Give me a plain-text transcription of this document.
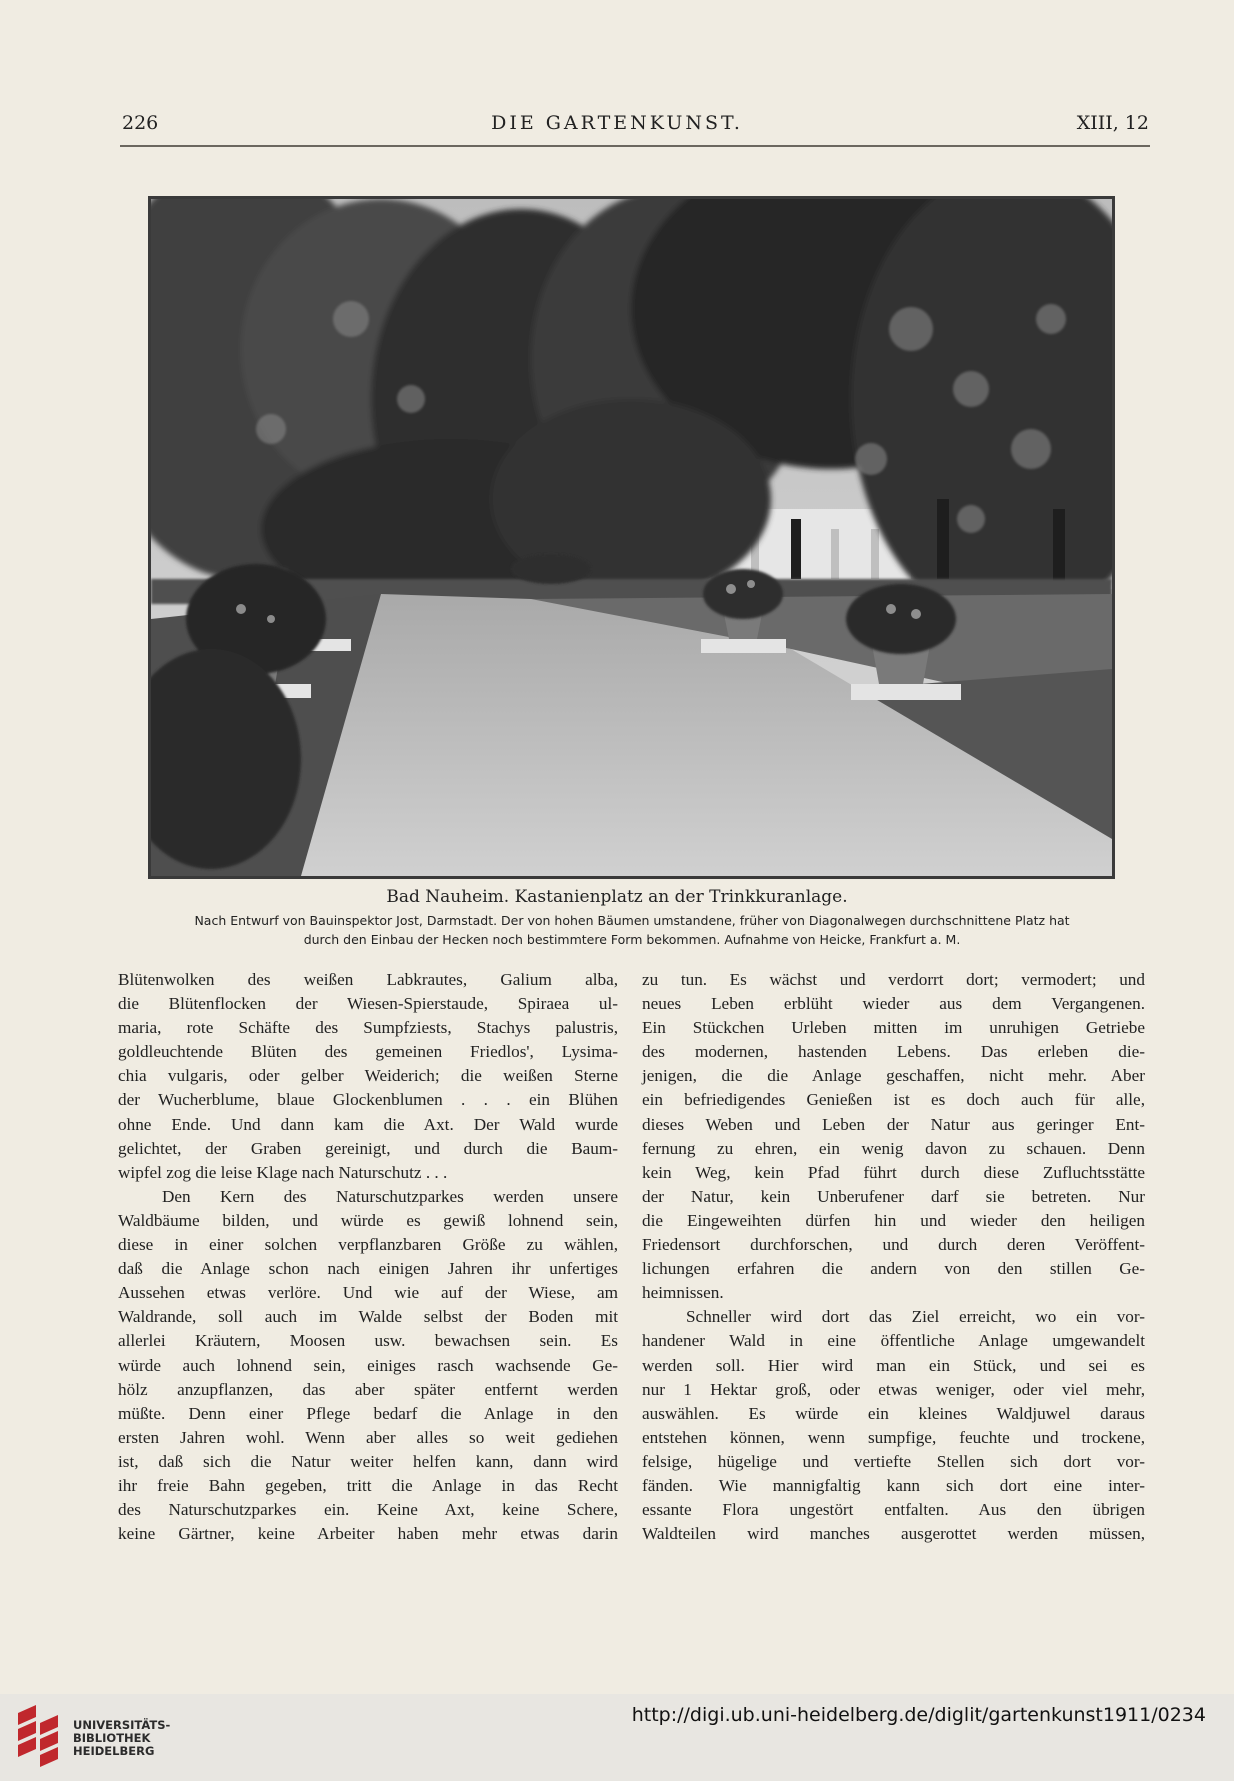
226	DIE GARTENKUNST.	XIII, 12
Bad Nauheim. Kastanienplatz an der Trinkkuranlage.
Nach Entwurf von Bauinspektor Jost, Darmstadt. Der von hohen Bäumen umstandene, früher von Diagonalwegen durchschnittene Platz hat
durch den Einbau der Hecken noch bestimmtere Form bekommen. Aufnahme von Heicke, Frankfurt a. M.
Blütenwolken des weißen Labkrautes, Galium alba,
die Blütenflocken der Wiesen-Spierstaude, Spiraea ul-
maria, rote Schäfte des Sumpfziests, Stachys palustris,
goldleuchtende Blüten des gemeinen Friedlos', Lysima-
chia vulgaris, oder gelber Weiderich; die weißen Sterne
der Wucherblume, blaue Glockenblumen . . . ein Blühen
ohne Ende. Und dann kam die Axt. Der Wald wurde
gelichtet, der Graben gereinigt, und durch die Baum-
wipfel zog die leise Klage nach Naturschutz . . .
Den Kern des Naturschutzparkes werden unsere
Waldbäume bilden, und würde es gewiß lohnend sein,
diese in einer solchen verpflanzbaren Größe zu wählen,
daß die Anlage schon nach einigen Jahren ihr unfertiges
Aussehen etwas verlöre. Und wie auf der Wiese, am
Waldrande, soll auch im Walde selbst der Boden mit
allerlei Kräutern, Moosen usw. bewachsen sein. Es
würde auch lohnend sein, einiges rasch wachsende Ge-
hölz anzupflanzen, das aber später entfernt werden
müßte. Denn einer Pflege bedarf die Anlage in den
ersten Jahren wohl. Wenn aber alles so weit gediehen
ist, daß sich die Natur weiter helfen kann, dann wird
ihr freie Bahn gegeben, tritt die Anlage in das Recht
des Naturschutzparkes ein. Keine Axt, keine Schere,
keine Gärtner, keine Arbeiter haben mehr etwas darin
zu tun. Es wächst und verdorrt dort; vermodert; und
neues Leben erblüht wieder aus dem Vergangenen.
Ein Stückchen Urleben mitten im unruhigen Getriebe
des modernen, hastenden Lebens. Das erleben die-
jenigen, die die Anlage geschaffen, nicht mehr. Aber
ein befriedigendes Genießen ist es doch auch für alle,
dieses Weben und Leben der Natur aus geringer Ent-
fernung zu ehren, ein wenig davon zu schauen. Denn
kein Weg, kein Pfad führt durch diese Zufluchtsstätte
der Natur, kein Unberufener darf sie betreten. Nur
die Eingeweihten dürfen hin und wieder den heiligen
Friedensort durchforschen, und durch deren Veröffent-
lichungen erfahren die andern von den stillen Ge-
heimnissen.
Schneller wird dort das Ziel erreicht, wo ein vor-
handener Wald in eine öffentliche Anlage umgewandelt
werden soll. Hier wird man ein Stück, und sei es
nur 1 Hektar groß, oder etwas weniger, oder viel mehr,
auswählen. Es würde ein kleines Waldjuwel daraus
entstehen können, wenn sumpfige, feuchte und trockene,
felsige, hügelige und vertiefte Stellen sich dort vor-
fänden. Wie mannigfaltig kann sich dort eine inter-
essante Flora ungestört entfalten. Aus den übrigen
Waldteilen wird manches ausgerottet werden müssen,
UNIVERSITÄTS-
BIBLIOTHEK
HEIDELBERG
http://digi.ub.uni-heidelberg.de/diglit/gartenkunst1911/0234
